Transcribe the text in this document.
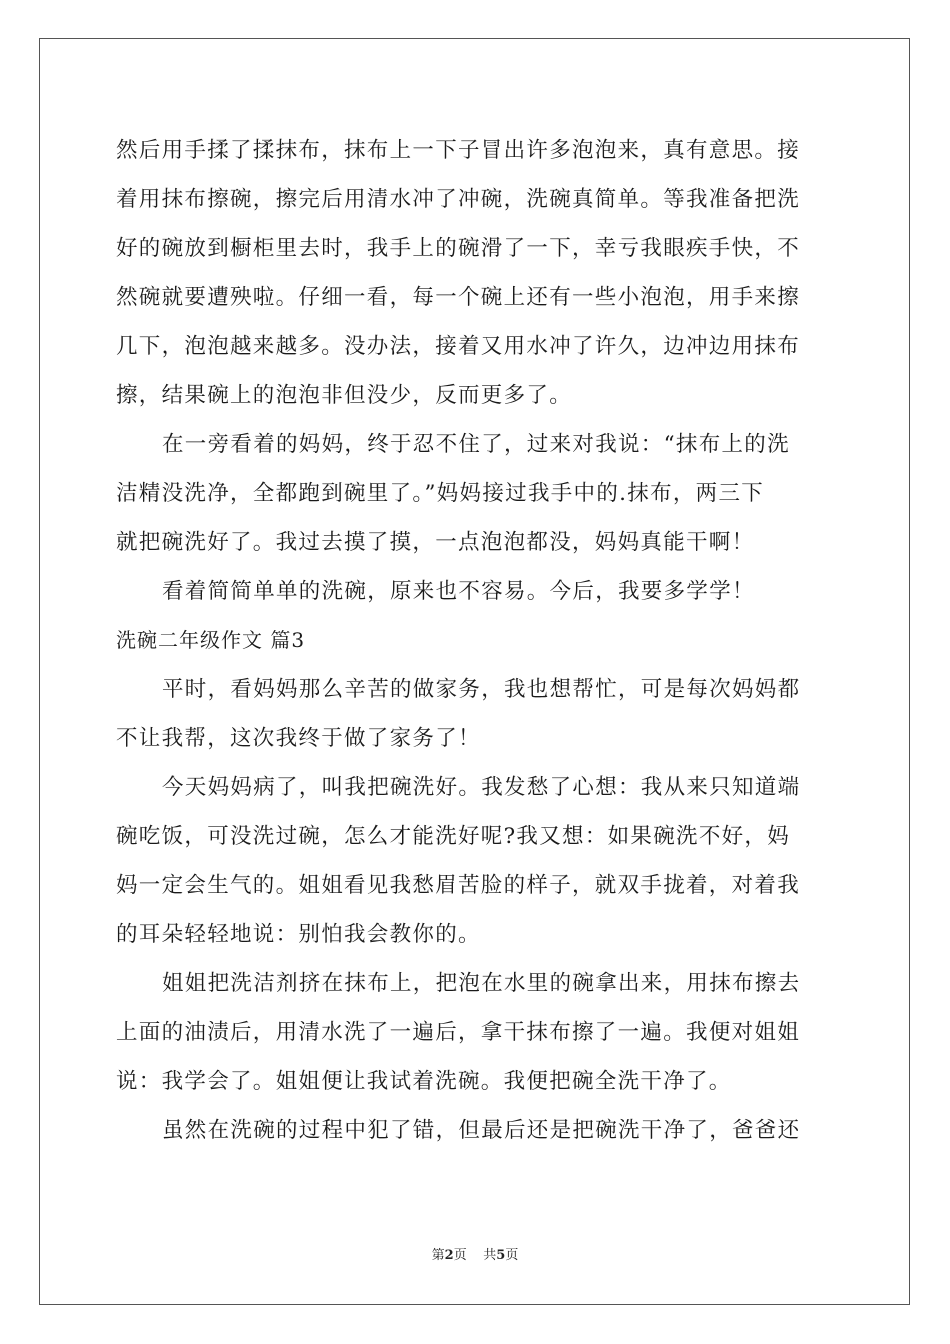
然后用手揉了揉抹布，抹布上一下子冒出许多泡泡来，真有意思。接
着用抹布擦碗，擦完后用清水冲了冲碗，洗碗真简单。等我准备把洗
好的碗放到橱柜里去时，我手上的碗滑了一下，幸亏我眼疾手快，不
然碗就要遭殃啦。仔细一看，每一个碗上还有一些小泡泡，用手来擦
几下，泡泡越来越多。没办法，接着又用水冲了许久，边冲边用抹布
擦，结果碗上的泡泡非但没少，反而更多了。

在一旁看着的妈妈，终于忍不住了，过来对我说：“抹布上的洗
洁精没洗净，全都跑到碗里了。”妈妈接过我手中的.抹布，两三下
就把碗洗好了。我过去摸了摸，一点泡泡都没，妈妈真能干啊！

看着简简单单的洗碗，原来也不容易。今后，我要多学学！

洗碗二年级作文 篇3

平时，看妈妈那么辛苦的做家务，我也想帮忙，可是每次妈妈都
不让我帮，这次我终于做了家务了！

今天妈妈病了，叫我把碗洗好。我发愁了心想：我从来只知道端
碗吃饭，可没洗过碗，怎么才能洗好呢?我又想：如果碗洗不好，妈
妈一定会生气的。姐姐看见我愁眉苦脸的样子，就双手拢着，对着我
的耳朵轻轻地说：别怕我会教你的。

姐姐把洗洁剂挤在抹布上，把泡在水里的碗拿出来，用抹布擦去
上面的油渍后，用清水洗了一遍后，拿干抹布擦了一遍。我便对姐姐
说：我学会了。姐姐便让我试着洗碗。我便把碗全洗干净了。

虽然在洗碗的过程中犯了错，但最后还是把碗洗干净了，爸爸还

第2页 共5页
